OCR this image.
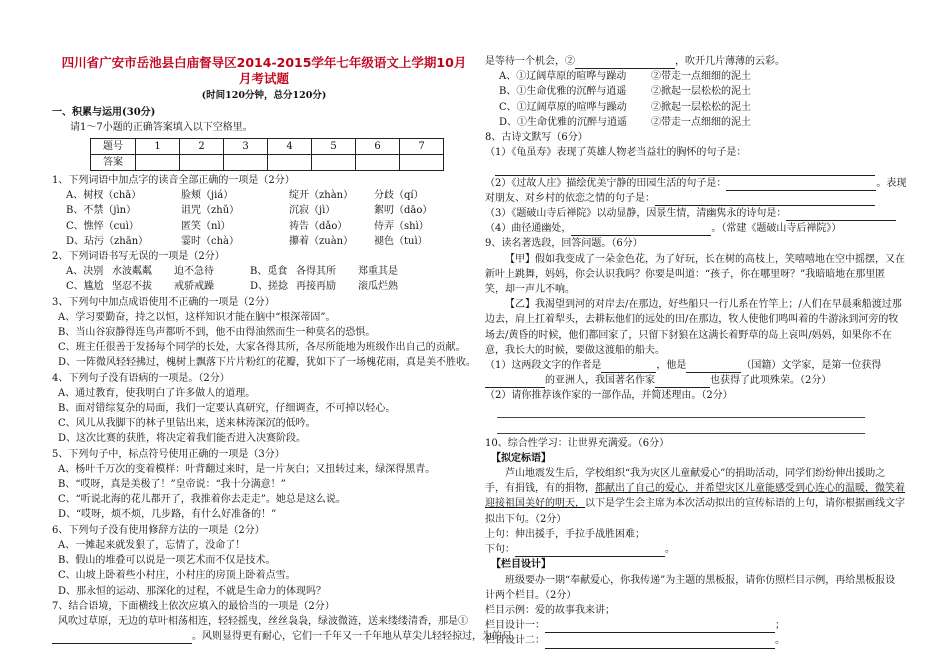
四川省广安市岳池县白庙督导区2014-2015学年七年级语文上学期10月
月考试题
(时间120分钟，总分120分)
一、积累与运用(30分)
请1～7小题的正确答案填入以下空格里。
题号	1	2	3	4	5	6	7
答案							
1、下列词语中加点字的读音全部正确的一项是（2分）
A、树杈（chā）	脸颊（jiá）	绽开（zhàn）	分歧（qí）
B、不禁（jìn）	诅咒（zhǔ）	沉寂（jì）	絮叨（dāo）
C、憔悴（cuì）	匿笑（nì）	祷告（dǎo）	侍弄（shì）
D、玷污（zhān）	霎时（chà）	攥着（zuàn）	褪色（tuì）
2、下列词语书写无误的一项是（2分）
A、决别 水波粼粼	迫不急待	B、觅食 各得其所	郑重其是
C、尴尬 坚忍不拔	戒骄戒躁	D、搓捻 再接再励	滚瓜烂熟
3、下列句中加点成语使用不正确的一项是（2分）
A、学习要勤奋，持之以恒，这样知识才能在脑中“根深蒂固”。
B、当山谷寂静得连鸟声都听不到，他不由得油然而生一种莫名的恐惧。
C、班主任很善于发扬每个同学的长处，大家各得其所，各尽所能地为班级作出自己的贡献。
D、一阵微风轻轻拂过，槐树上飘落下片片粉红的花瓣，犹如下了一场槐花雨，真是美不胜收。
4、下列句子没有语病的一项是。（2分）
A、通过教育，使我明白了许多做人的道理。
B、面对错综复杂的局面，我们一定要认真研究，仔细调查，不可掉以轻心。
C、风儿从我脚下的林子里钻出来，送来林涛深沉的低吟。
D、这次比赛的获胜，将决定着我们能否进入决赛阶段。
5、下列句子中，标点符号使用正确的一项是（3分）
A、杨叶千万次的变着模样：叶背翻过来时，是一片灰白；又扭转过来，绿深得黑青。
B、“哎呀，真是美极了！”皇帝说：“我十分满意！”
C、“听说北海的花儿都开了，我推着你去走走”。她总是这么说。
D、“哎呀，烦不烦，几步路，有什么好准备的！”
6、下列句子没有使用修辞方法的一项是（2分）
A、一摊起来就发狠了，忘情了，没命了！
B、假山的堆叠可以说是一项艺术而不仅是技术。
C、山坡上卧着些小村庄，小村庄的房顶上卧着点雪。
D、那永恒的运动、那深化的过程，不就是生命力的体现吗？
7、结合语境，下面横线上依次应填入的最恰当的一项是（2分）
风吹过草原，无边的草叶相荡相连，轻轻摇曳，丝丝袅袅，绿波微涟，送来缕缕清香，那是①
。风则显得更有耐心，它们一千年又一千年地从草尖儿轻轻掠过，为的只
是等待一个机会，②	，吹开几片薄薄的云彩。
A、①辽阔草原的喧哗与躁动	②带走一点细细的泥土
B、①生命优雅的沉醉与逍遥	②掀起一层松松的泥土
C、①辽阔草原的喧哗与躁动	②掀起一层松松的泥土
D、①生命优雅的沉醉与逍遥	②带走一点细细的泥土
8、古诗文默写（6分）
（1）《龟虽寿》表现了英雄人物老当益壮的胸怀的句子是：
（2）《过故人庄》描绘优美宁静的田园生活的句子是：	。表现
对朋友、对乡村的依恋之情的句子是：
（3）《题破山寺后禅院》以动显静，因景生情，清幽隽永的诗句是：
（4）曲径通幽处，	。（常建《题破山寺后禅院》）
9、读名著选段，回答问题。（6分）
【甲】假如我变成了一朵金色花，为了好玩，长在树的高枝上，笑嘻嘻地在空中摇摆，又在新叶上跳舞，妈妈，你会认识我吗？你要是叫道：“孩子，你在哪里呀？”我暗暗地在那里匿笑，却一声儿不响。
【乙】我渴望到河的对岸去/在那边，好些船只一行儿系在竹竿上；/人们在早晨乘船渡过那边去，肩上扛着犁头，去耕耘他们的远处的田/在那边，牧人使他们鸣叫着的牛游泳到河旁的牧场去/黄昏的时候，他们都回家了，只留下豺狼在这满长着野草的岛上哀叫/妈妈，如果你不在意，我长大的时候，要做这渡船的船夫。
（1）这两段文字的作者是	，他是	（国籍）文学家，是第一位获得
的亚洲人，我国著名作家	也获得了此项殊荣。（2分）
（2）请你推荐该作家的一部作品，并简述理由。（2分）
10、综合性学习：让世界充满爱。（6分）
【拟定标语】
芦山地震发生后，学校组织“我为灾区儿童献爱心”的捐助活动，同学们纷纷伸出援助之手，有捐钱，有的捐物，都献出了自己的爱心，并希望灾区儿童能感受到心连心的温暖，微笑着迎接祖国美好的明天，以下是学生会主席为本次活动拟出的宣传标语的上句，请你根据画线文字拟出下句。（2分）
上句：伸出援手，手拉手战胜困难；
下句：	。
【栏目设计】
班级要办一期“奉献爱心，你我传递”为主题的黑板报，请你仿照栏目示例，再给黑板报设计两个栏目。（2分）
栏目示例：爱的故事我来讲；
栏目设计一：	；
栏目设计二：	。
